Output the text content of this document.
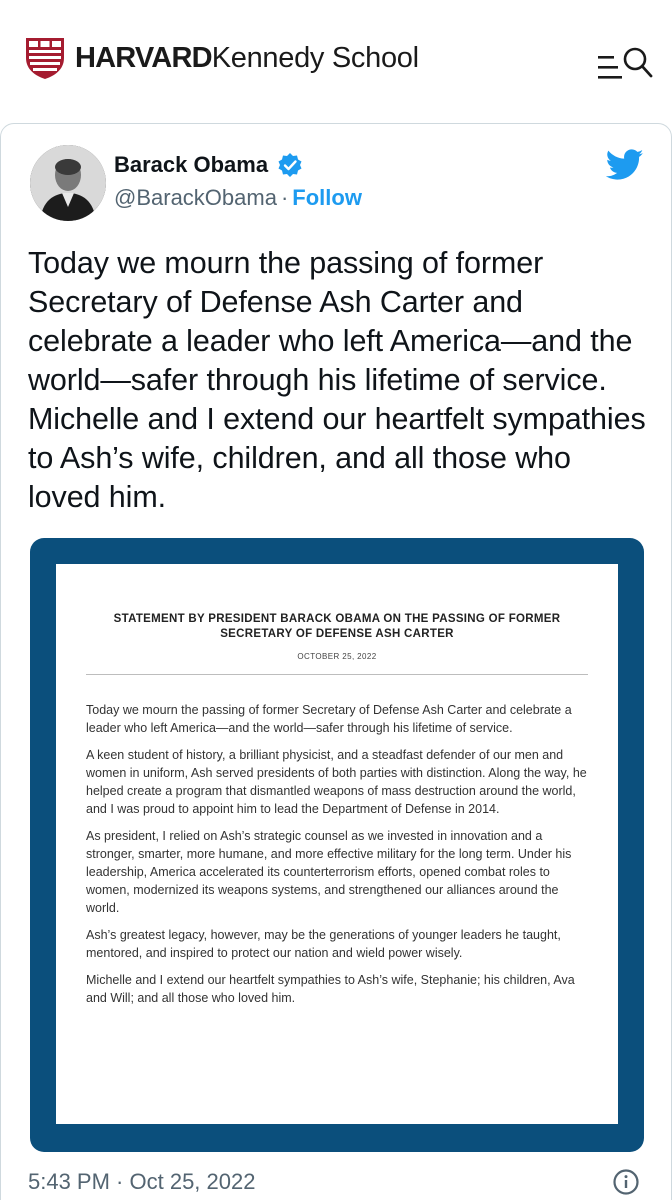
HARVARDKennedy School
Barack Obama
@BarackObama · Follow

Today we mourn the passing of former Secretary of Defense Ash Carter and celebrate a leader who left America—and the world—safer through his lifetime of service. Michelle and I extend our heartfelt sympathies to Ash’s wife, children, and all those who loved him.

STATEMENT BY PRESIDENT BARACK OBAMA ON THE PASSING OF FORMER SECRETARY OF DEFENSE ASH CARTER
OCTOBER 25, 2022

Today we mourn the passing of former Secretary of Defense Ash Carter and celebrate a leader who left America—and the world—safer through his lifetime of service.

A keen student of history, a brilliant physicist, and a steadfast defender of our men and women in uniform, Ash served presidents of both parties with distinction. Along the way, he helped create a program that dismantled weapons of mass destruction around the world, and I was proud to appoint him to lead the Department of Defense in 2014.

As president, I relied on Ash’s strategic counsel as we invested in innovation and a stronger, smarter, more humane, and more effective military for the long term. Under his leadership, America accelerated its counterterrorism efforts, opened combat roles to women, modernized its weapons systems, and strengthened our alliances around the world.

Ash’s greatest legacy, however, may be the generations of younger leaders he taught, mentored, and inspired to protect our nation and wield power wisely.

Michelle and I extend our heartfelt sympathies to Ash’s wife, Stephanie; his children, Ava and Will; and all those who loved him.

5:43 PM · Oct 25, 2022
